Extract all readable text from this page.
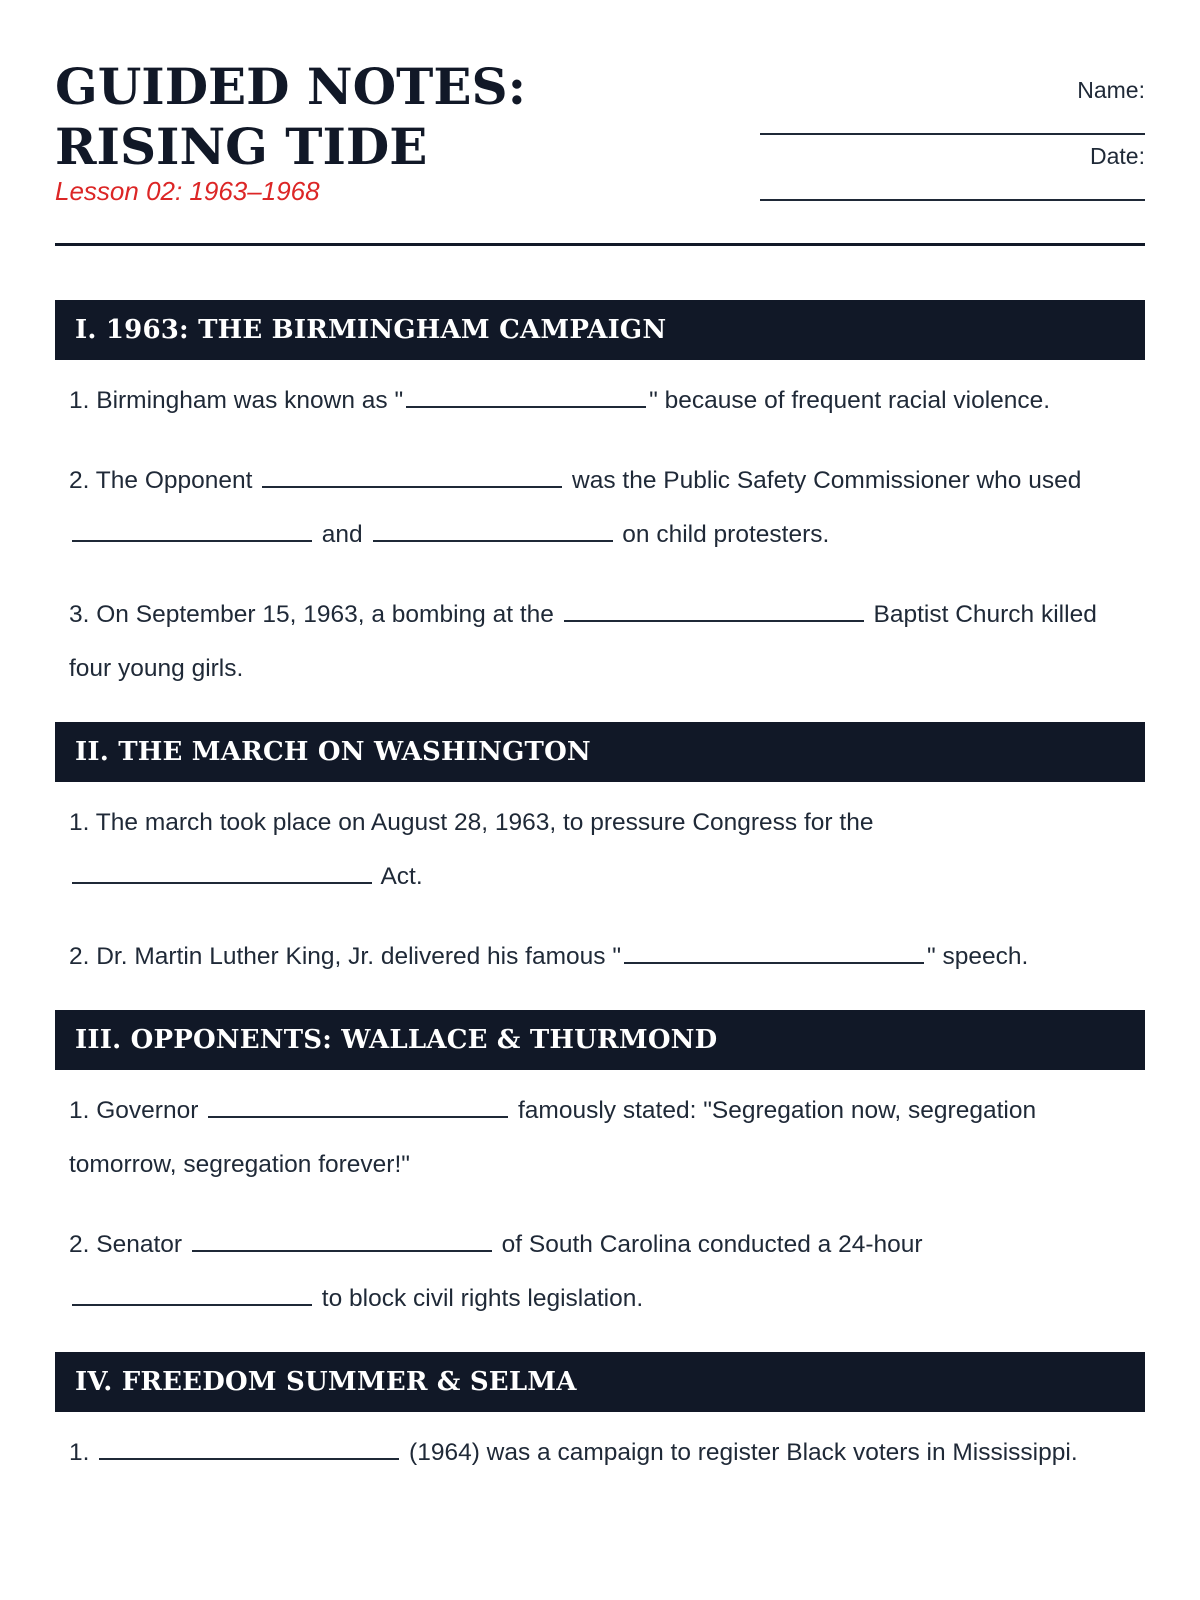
GUIDED NOTES: RISING TIDE
Lesson 02: 1963–1968
Name:
Date:
I. 1963: THE BIRMINGHAM CAMPAIGN

1. Birmingham was known as "	" because of frequent racial violence.

2. The Opponent	was the Public Safety Commissioner who used  and	on child protesters.

3. On September 15, 1963, a bombing at the	Baptist Church killed four young girls.

II. THE MARCH ON WASHINGTON

1. The march took place on August 28, 1963, to pressure Congress for the  Act.

2. Dr. Martin Luther King, Jr. delivered his famous "	" speech.

III. OPPONENTS: WALLACE & THURMOND

1. Governor	famously stated: "Segregation now, segregation tomorrow, segregation forever!"

2. Senator	of South Carolina conducted a 24-hour  to block civil rights legislation.

IV. FREEDOM SUMMER & SELMA

1.	(1964) was a campaign to register Black voters in Mississippi.
